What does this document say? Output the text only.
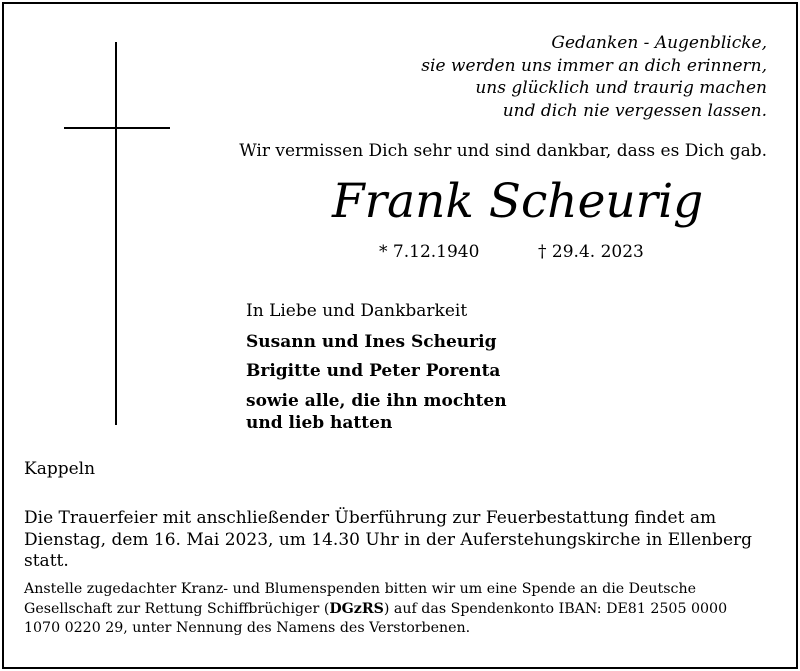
Gedanken - Augenblicke,
sie werden uns immer an dich erinnern,
uns glücklich und traurig machen
und dich nie vergessen lassen.
Wir vermissen Dich sehr und sind dankbar, dass es Dich gab.
Frank Scheurig
* 7.12.1940	† 29.4. 2023
In Liebe und Dankbarkeit
Susann und Ines Scheurig
Brigitte und Peter Porenta
sowie alle, die ihn mochten
und lieb hatten
Kappeln
Die Trauerfeier mit anschließender Überführung zur Feuerbestattung findet am
Dienstag, dem 16. Mai 2023, um 14.30 Uhr in der Auferstehungskirche in Ellenberg
statt.
Anstelle zugedachter Kranz- und Blumenspenden bitten wir um eine Spende an die Deutsche
Gesellschaft zur Rettung Schiffbrüchiger (DGzRS) auf das Spendenkonto IBAN: DE81 2505 0000
1070 0220 29, unter Nennung des Namens des Verstorbenen.
